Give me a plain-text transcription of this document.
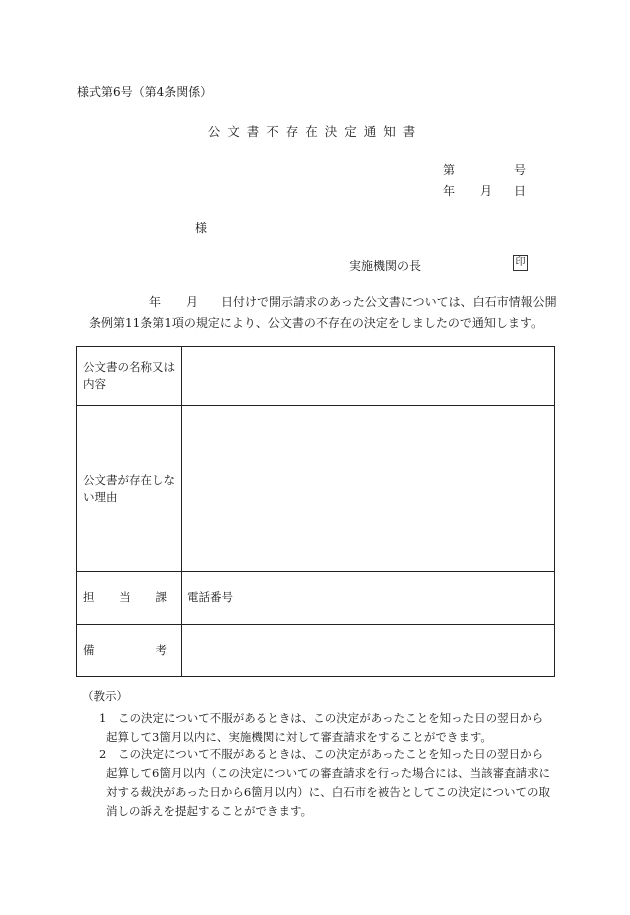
様式第6号（第4条関係）
公文書不存在決定通知書
第	号
年 月 日
様
実施機関の長	印
年 月 日付けで開示請求のあった公文書については、白石市情報公開
条例第11条第1項の規定により、公文書の不存在の決定をしましたので通知します。
公文書の名称又は内容	
公文書が存在しない理由	

担 当 課	電話番号

備 考	

（教示）
1 この決定について不服があるときは、この決定があったことを知った日の翌日から
起算して3箇月以内に、実施機関に対して審査請求をすることができます。
2 この決定について不服があるときは、この決定があったことを知った日の翌日から
起算して6箇月以内（この決定についての審査請求を行った場合には、当該審査請求に
対する裁決があった日から6箇月以内）に、白石市を被告としてこの決定についての取
消しの訴えを提起することができます。
